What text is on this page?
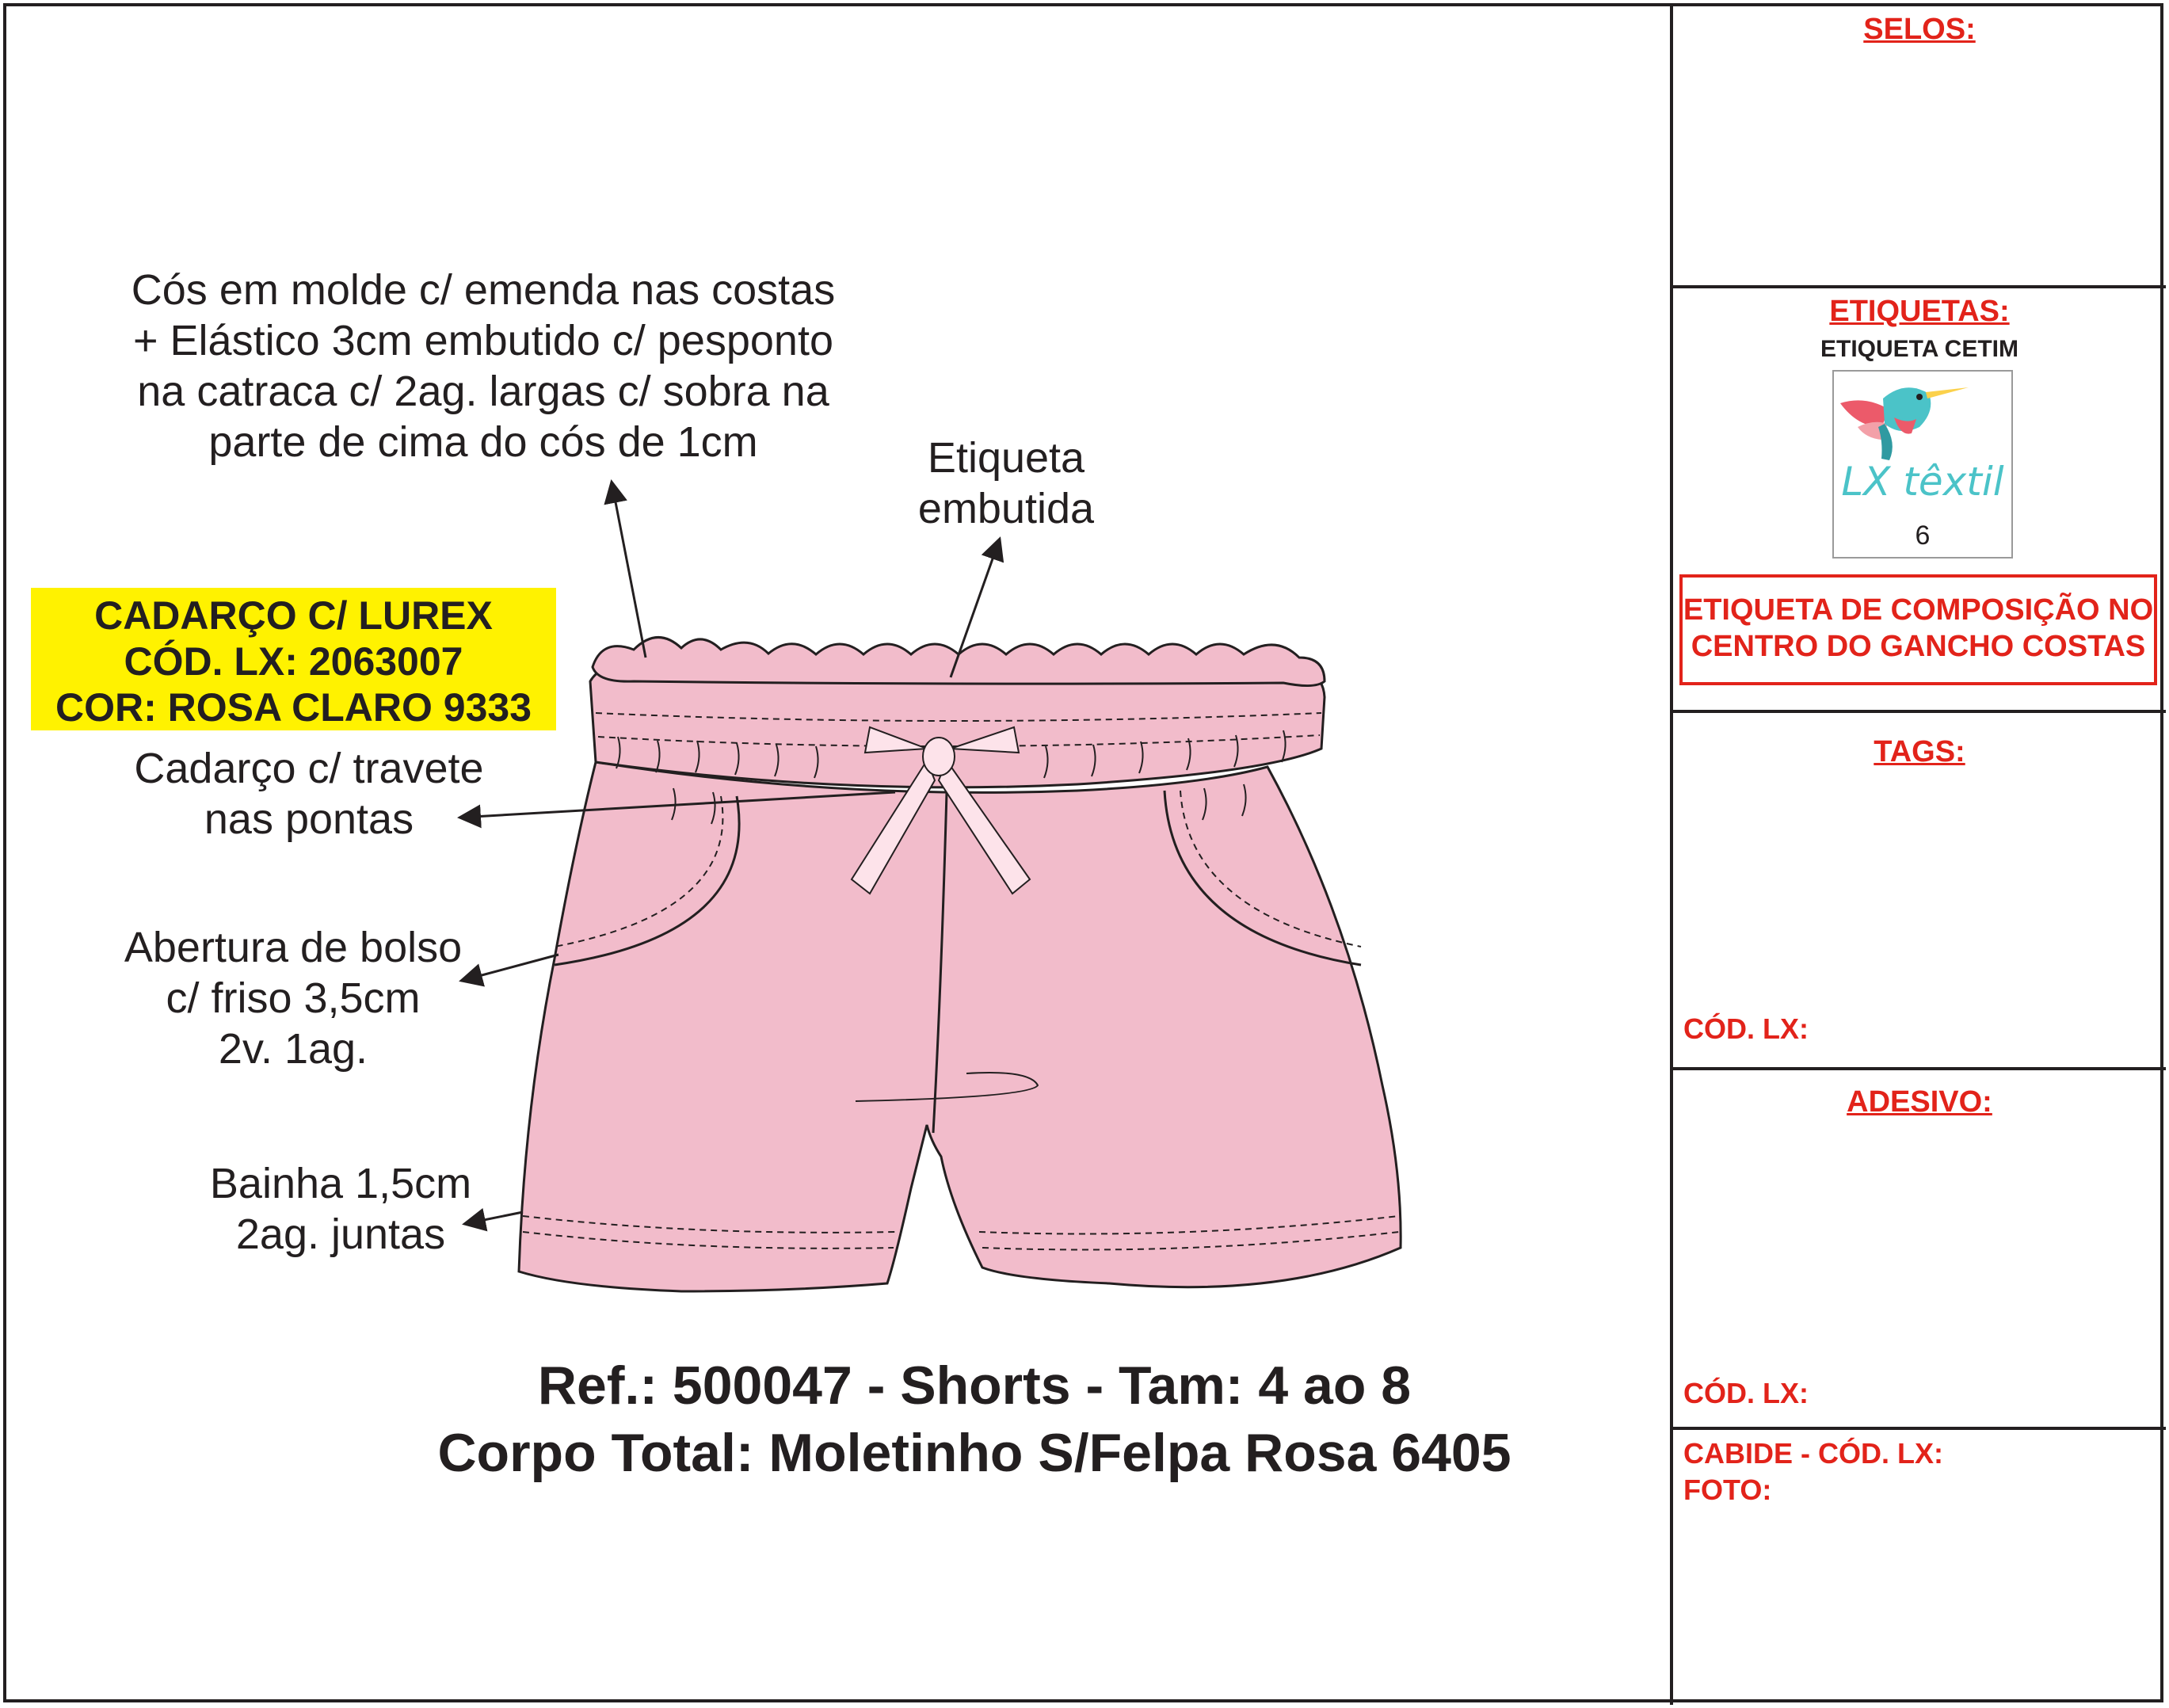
SELOS:
ETIQUETAS:
ETIQUETA CETIM
LX têxtil
6
ETIQUETA DE COMPOSIÇÃO NO
CENTRO DO GANCHO COSTAS
TAGS:
CÓD. LX:
ADESIVO:
CÓD. LX:
CABIDE - CÓD. LX:
FOTO:
Cós em molde c/ emenda nas costas
+ Elástico 3cm embutido c/ pesponto
na catraca c/ 2ag. largas c/ sobra na
parte de cima do cós de 1cm	Etiqueta
embutida
CADARÇO C/ LUREX
CÓD. LX: 2063007
COR: ROSA CLARO 9333
Cadarço c/ travete
nas pontas
Abertura de bolso
c/ friso 3,5cm
2v. 1ag.
Bainha 1,5cm
2ag. juntas
Ref.: 500047 - Shorts - Tam: 4 ao 8
Corpo Total: Moletinho S/Felpa Rosa 6405
